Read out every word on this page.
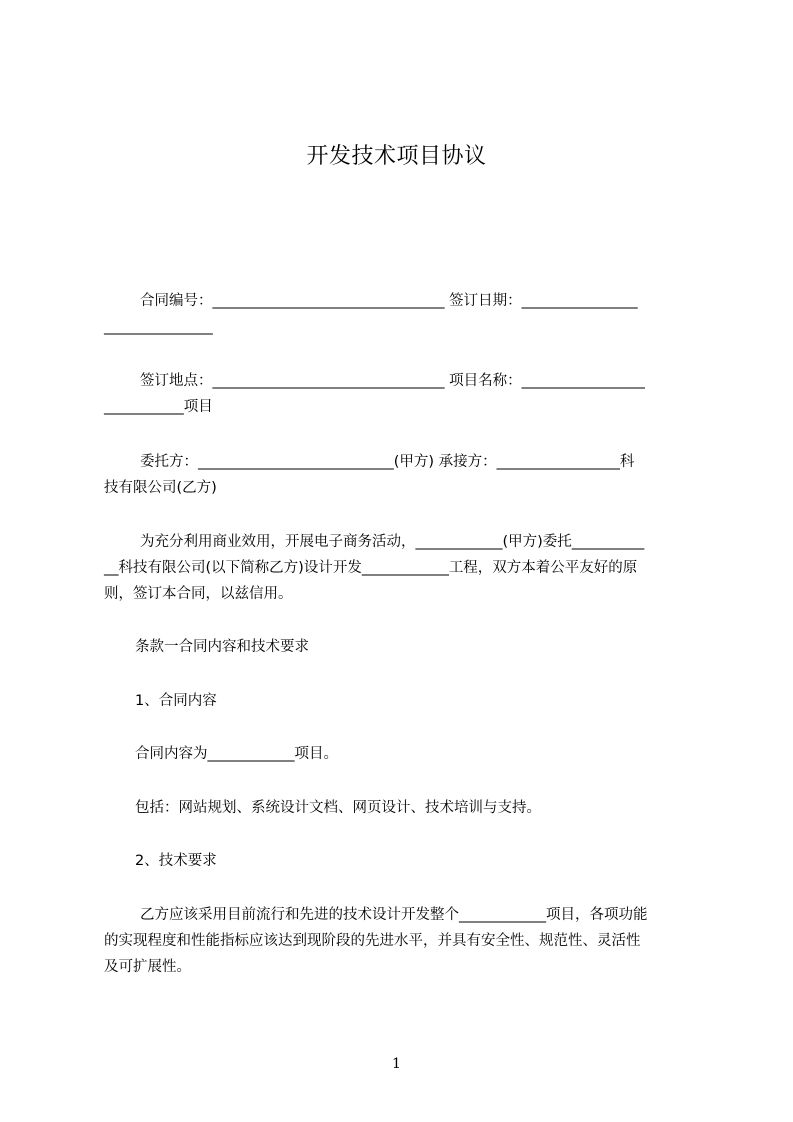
开发技术项目协议
合同编号：________________________________ 签订日期：________________
_______________
签订地点：________________________________ 项目名称：_________________
___________项目
委托方：___________________________(甲方) 承接方：_________________科
技有限公司(乙方)
为充分利用商业效用，开展电子商务活动，____________(甲方)委托__________
__科技有限公司(以下简称乙方)设计开发____________工程，双方本着公平友好的原
则，签订本合同，以兹信用。
条款一合同内容和技术要求
1、合同内容
合同内容为____________项目。
包括：网站规划、系统设计文档、网页设计、技术培训与支持。
2、技术要求
乙方应该采用目前流行和先进的技术设计开发整个____________项目，各项功能
的实现程度和性能指标应该达到现阶段的先进水平，并具有安全性、规范性、灵活性
及可扩展性。
1
